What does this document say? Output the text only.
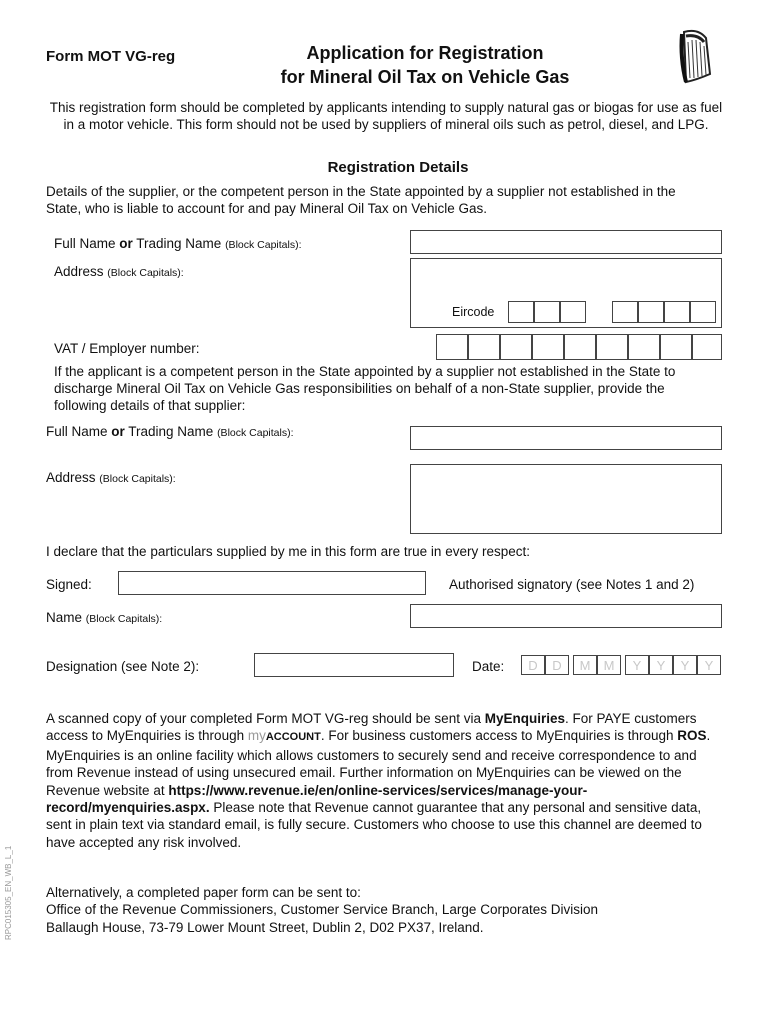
Form MOT VG-reg	Application for Registration
for Mineral Oil Tax on Vehicle Gas

This registration form should be completed by applicants intending to supply natural gas or biogas for use as fuel in a motor vehicle. This form should not be used by suppliers of mineral oils such as petrol, diesel, and LPG.

Registration Details

Details of the supplier, or the competent person in the State appointed by a supplier not established in the State, who is liable to account for and pay Mineral Oil Tax on Vehicle Gas.

Full Name or Trading Name (Block Capitals):
Address (Block Capitals):
Eircode
VAT / Employer number:

If the applicant is a competent person in the State appointed by a supplier not established in the State to discharge Mineral Oil Tax on Vehicle Gas responsibilities on behalf of a non-State supplier, provide the following details of that supplier:

Full Name or Trading Name (Block Capitals):
Address (Block Capitals):
I declare that the particulars supplied by me in this form are true in every respect:
Signed:	Authorised signatory (see Notes 1 and 2)
Name (Block Capitals):
Designation (see Note 2):	Date:	D	D	M	M	Y	Y	Y	Y

A scanned copy of your completed Form MOT VG-reg should be sent via MyEnquiries. For PAYE customers access to MyEnquiries is through myACCOUNT. For business customers access to MyEnquiries is through ROS. MyEnquiries is an online facility which allows customers to securely send and receive correspondence to and from Revenue instead of using unsecured email. Further information on MyEnquiries can be viewed on the Revenue website at https://www.revenue.ie/en/online-services/services/manage-your-record/myenquiries.aspx. Please note that Revenue cannot guarantee that any personal and sensitive data, sent in plain text via standard email, is fully secure. Customers who choose to use this channel are deemed to have accepted any risk involved.

Alternatively, a completed paper form can be sent to:
Office of the Revenue Commissioners, Customer Service Branch, Large Corporates Division
Ballaugh House, 73-79 Lower Mount Street, Dublin 2, D02 PX37, Ireland.

RPC015305_EN_WB_L_1
